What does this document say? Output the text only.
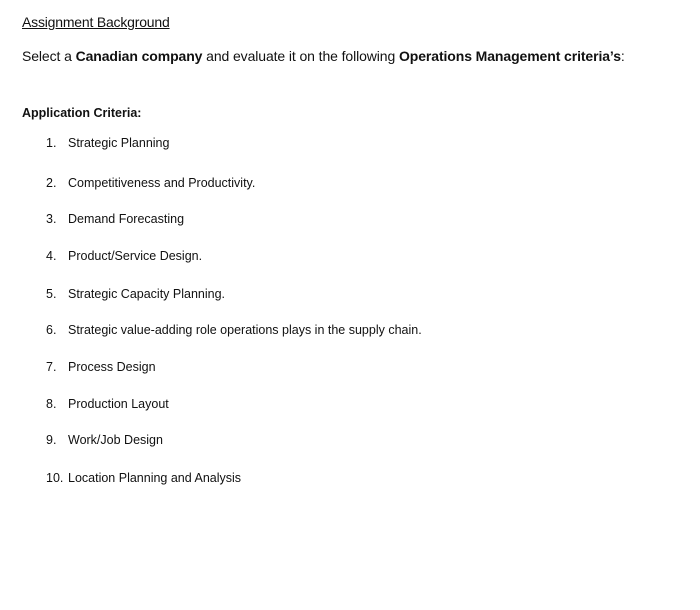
Assignment Background
Select a Canadian company and evaluate it on the following Operations Management criteria’s:
Application Criteria:
1. Strategic Planning
2. Competitiveness and Productivity.
3. Demand Forecasting
4. Product/Service Design.
5. Strategic Capacity Planning.
6. Strategic value-adding role operations plays in the supply chain.
7. Process Design
8. Production Layout
9. Work/Job Design
10. Location Planning and Analysis
